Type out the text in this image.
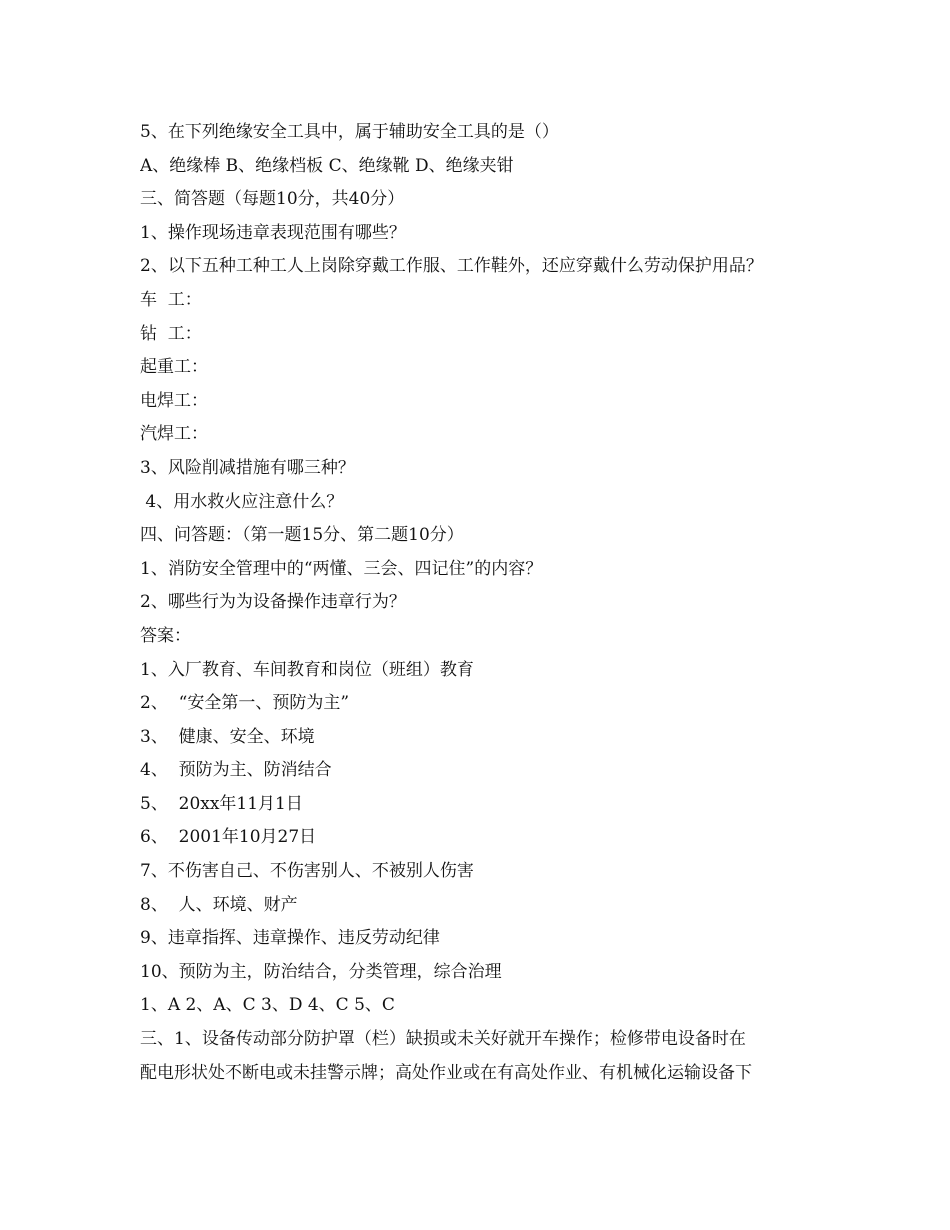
5、在下列绝缘安全工具中，属于辅助安全工具的是（）
A、绝缘棒 B、绝缘档板 C、绝缘靴 D、绝缘夹钳
三、简答题（每题10分，共40分）
1、操作现场违章表现范围有哪些？
2、以下五种工种工人上岗除穿戴工作服、工作鞋外，还应穿戴什么劳动保护用品？
车  工：
钻  工：
起重工：
电焊工：
汽焊工：
3、风险削减措施有哪三种？
4、用水救火应注意什么？
四、问答题：（第一题15分、第二题10分）
1、消防安全管理中的“两懂、三会、四记住”的内容？
2、哪些行为为设备操作违章行为？
答案：
1、入厂教育、车间教育和岗位（班组）教育
2、  “安全第一、预防为主”
3、  健康、安全、环境
4、  预防为主、防消结合
5、  20xx年11月1日
6、  2001年10月27日
7、不伤害自己、不伤害别人、不被别人伤害
8、  人、环境、财产
9、违章指挥、违章操作、违反劳动纪律
10、预防为主，防治结合，分类管理，综合治理
1、A 2、A、C 3、D 4、C 5、C
三、1、设备传动部分防护罩（栏）缺损或未关好就开车操作；检修带电设备时在
配电形状处不断电或未挂警示牌；高处作业或在有高处作业、有机械化运输设备下
